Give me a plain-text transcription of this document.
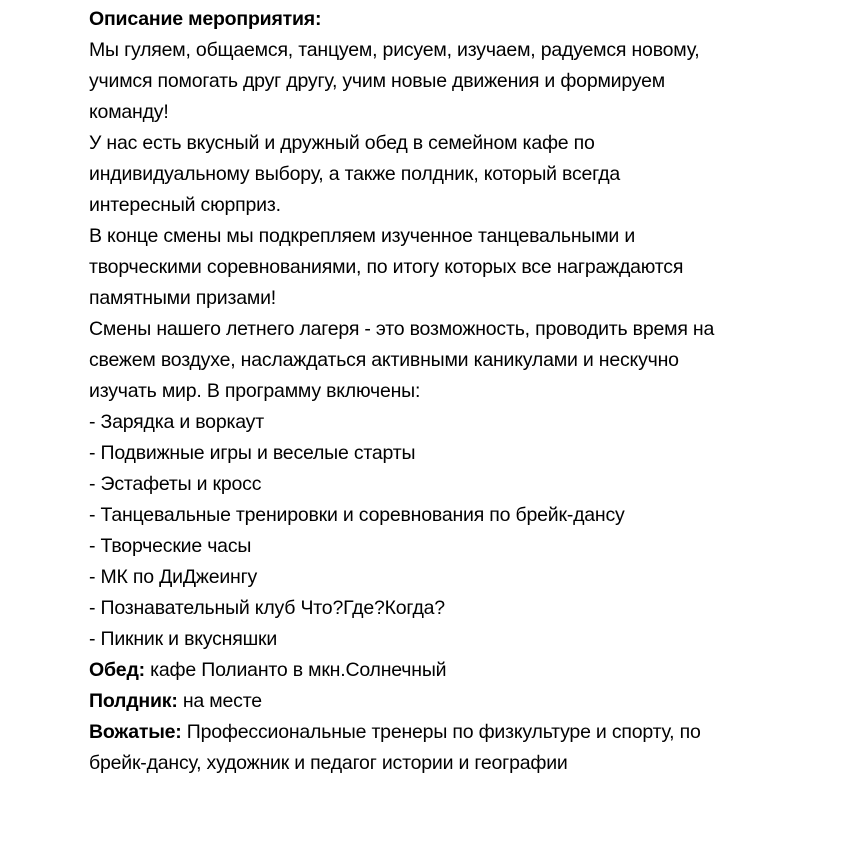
Описание мероприятия:
Мы гуляем, общаемся, танцуем, рисуем, изучаем, радуемся новому,
учимся помогать друг другу, учим новые движения и формируем
команду!
У нас есть вкусный и дружный обед в семейном кафе по
индивидуальному выбору, а также полдник, который всегда
интересный сюрприз.
В конце смены мы подкрепляем изученное танцевальными и
творческими соревнованиями, по итогу которых все награждаются
памятными призами!
Смены нашего летнего лагеря - это возможность, проводить время на
свежем воздухе, наслаждаться активными каникулами и нескучно
изучать мир. В программу включены:
- Зарядка и воркаут
- Подвижные игры и веселые старты
- Эстафеты и кросс
- Танцевальные тренировки и соревнования по брейк-дансу
- Творческие часы
- МК по ДиДжеингу
- Познавательный клуб Что?Где?Когда?
- Пикник и вкусняшки
Обед: кафе Полианто в мкн.Солнечный
Полдник: на месте
Вожатые: Профессиональные тренеры по физкультуре и спорту, по
брейк-дансу, художник и педагог истории и географии
